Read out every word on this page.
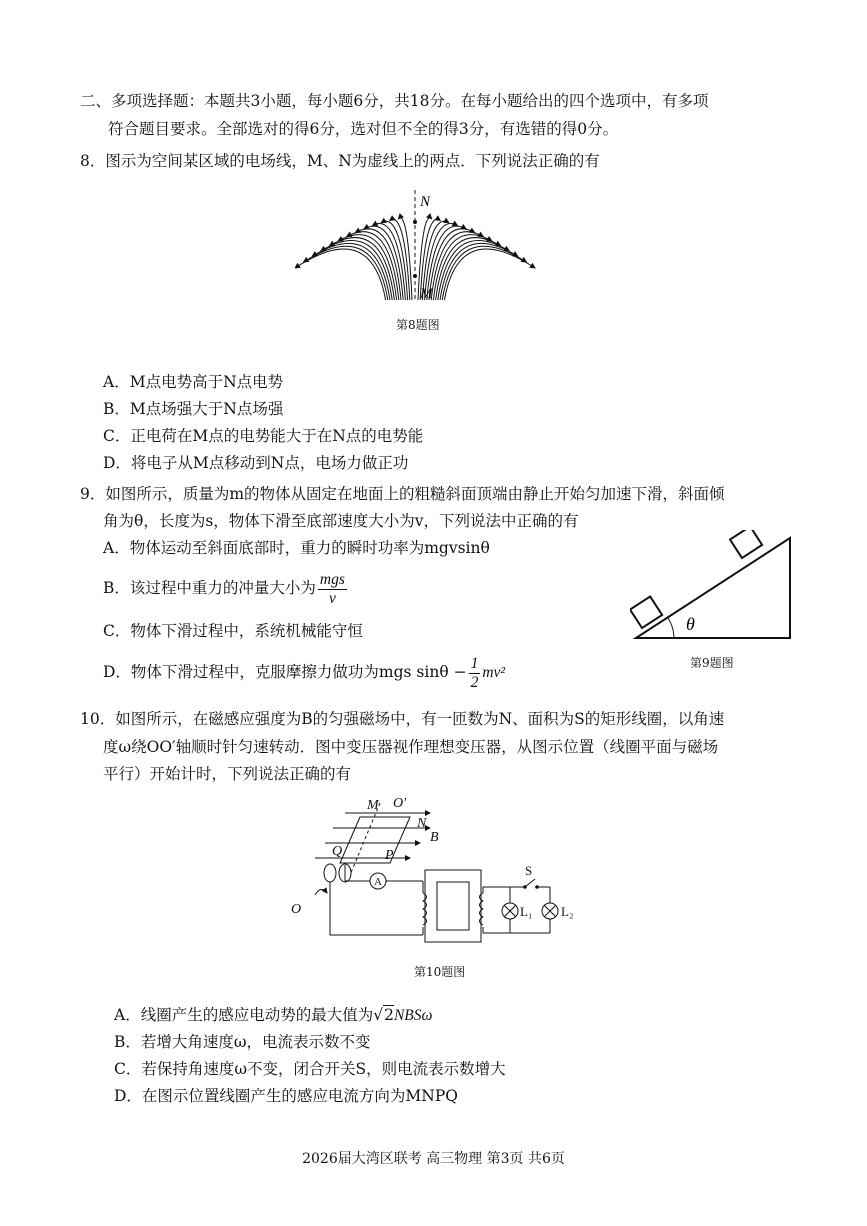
二、多项选择题：本题共3小题，每小题6分，共18分。在每小题给出的四个选项中，有多项
符合题目要求。全部选对的得6分，选对但不全的得3分，有选错的得0分。
8．图示为空间某区域的电场线，M、N为虚线上的两点．下列说法正确的有
N
M
第8题图
A．M点电势高于N点电势
B．M点场强大于N点场强
C．正电荷在M点的电势能大于在N点的电势能
D．将电子从M点移动到N点，电场力做正功
9．如图所示，质量为m的物体从固定在地面上的粗糙斜面顶端由静止开始匀加速下滑，斜面倾
角为θ，长度为s，物体下滑至底部速度大小为v，下列说法中正确的有
A．物体运动至斜面底部时，重力的瞬时功率为mgvsinθ
B．该过程中重力的冲量大小为 $\frac{\text{mgs}}{v}$
C．物体下滑过程中，系统机械能守恒
D．物体下滑过程中，克服摩擦力做功为mgs $\sin\theta - \frac{1}{2} mv^2$
θ
第9题图
10．如图所示，在磁感应强度为B的匀强磁场中，有一匝数为N、面积为S的矩形线圈，以角速
度ω绕OO′轴顺时针匀速转动．图中变压器视作理想变压器，从图示位置（线圈平面与磁场
平行）开始计时，下列说法正确的有
M O′
N
B
Q	P
O
A
S
L₁ L₂
第10题图
A．线圈产生的感应电动势的最大值为√2NBSω
B．若增大角速度ω，电流表示数不变
C．若保持角速度ω不变，闭合开关S，则电流表示数增大
D．在图示位置线圈产生的感应电流方向为MNPQ
2026届大湾区联考 高三物理 第3页 共6页
